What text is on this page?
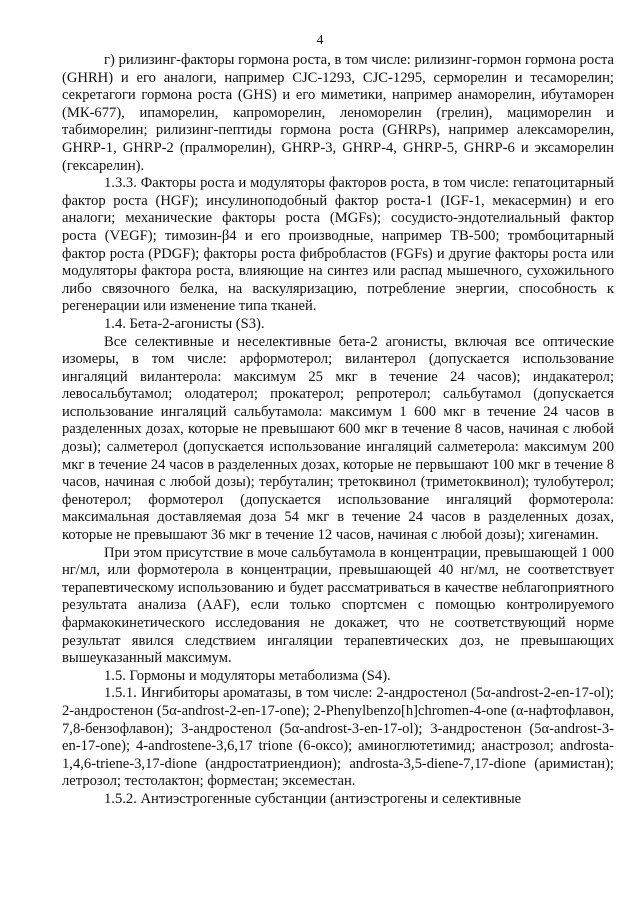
4

г) рилизинг-факторы гормона роста, в том числе: рилизинг-гормон гормона роста (GHRH) и его аналоги, например CJC-1293, CJC-1295, серморелин и тесаморелин; секретагоги гормона роста (GHS) и его миметики, например анаморелин, ибутаморен (МК-677), ипаморелин, капроморелин, леноморелин (грелин), мациморелин и табиморелин; рилизинг-пептиды гормона роста (GHRPs), например алексаморелин, GHRP-1, GHRP-2 (пралморелин), GHRP-3, GHRP-4, GHRP-5, GHRP-6 и эксаморелин (гексарелин).

1.3.3. Факторы роста и модуляторы факторов роста, в том числе: гепатоцитарный фактор роста (HGF); инсулиноподобный фактор роста-1 (IGF-1, мекасермин) и его аналоги; механические факторы роста (MGFs); сосудисто-эндотелиальный фактор роста (VEGF); тимозин-β4 и его производные, например ТВ-500; тромбоцитарный фактор роста (PDGF); факторы роста фибробластов (FGFs) и другие факторы роста или модуляторы фактора роста, влияющие на синтез или распад мышечного, сухожильного либо связочного белка, на васкуляризацию, потребление энергии, способность к регенерации или изменение типа тканей.

1.4. Бета-2-агонисты (S3).

Все селективные и неселективные бета-2 агонисты, включая все оптические изомеры, в том числе: арформотерол; вилантерол (допускается использование ингаляций вилантерола: максимум 25 мкг в течение 24 часов); индакатерол; левосальбутамол; олодатерол; прокатерол; репротерол; сальбутамол (допускается использование ингаляций сальбутамола: максимум 1 600 мкг в течение 24 часов в разделенных дозах, которые не превышают 600 мкг в течение 8 часов, начиная с любой дозы); салметерол (допускается использование ингаляций салметерола: максимум 200 мкг в течение 24 часов в разделенных дозах, которые не первышают 100 мкг в течение 8 часов, начиная с любой дозы); тербуталин; третоквинол (триметоквинол); тулобутерол; фенотерол; формотерол (допускается использование ингаляций формотерола: максимальная доставляемая доза 54 мкг в течение 24 часов в разделенных дозах, которые не превышают 36 мкг в течение 12 часов, начиная с любой дозы); хигенамин.

При этом присутствие в моче сальбутамола в концентрации, превышающей 1 000 нг/мл, или формотерола в концентрации, превышающей 40 нг/мл, не соответствует терапевтическому использованию и будет рассматриваться в качестве неблагоприятного результата анализа (AAF), если только спортсмен с помощью контролируемого фармакокинетического исследования не докажет, что не соответствующий норме результат явился следствием ингаляции терапевтических доз, не превышающих вышеуказанный максимум.

1.5. Гормоны и модуляторы метаболизма (S4).

1.5.1. Ингибиторы ароматазы, в том числе: 2-андростенол (5α-androst-2-en-17-ol); 2-андростенон (5α-androst-2-en-17-one); 2-Phenylbenzo[h]chromen-4-one (α-нафтофлавон, 7,8-бензофлавон); 3-андростенол (5α-androst-3-en-17-ol); 3-андростенон (5α-androst-3-en-17-one); 4-androstene-3,6,17 trione (6-оксо); аминоглютетимид; анастрозол; androsta-1,4,6-triene-3,17-dione (андростатриендион); androsta-3,5-diene-7,17-dione (аримистан); летрозол; тестолактон; форместан; эксеместан.

1.5.2. Антиэстрогенные субстанции (антиэстрогены и селективные
